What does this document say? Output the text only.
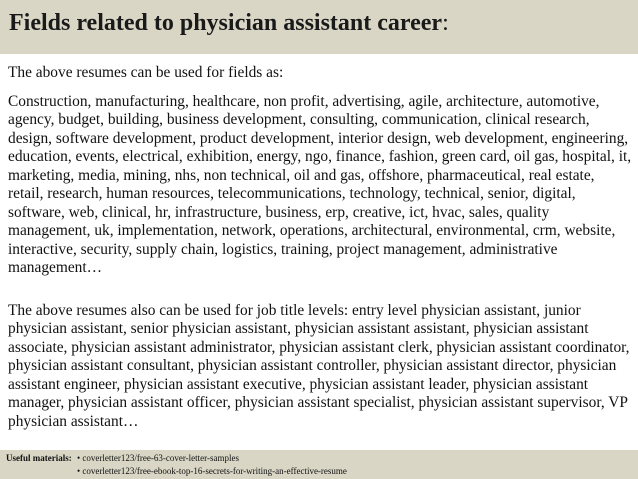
Fields related to physician assistant career:
The above resumes can be used for fields as:
Construction, manufacturing, healthcare, non profit, advertising, agile, architecture, automotive, agency, budget, building, business development, consulting, communication, clinical research, design, software development, product development, interior design, web development, engineering, education, events, electrical, exhibition, energy, ngo, finance, fashion, green card, oil gas, hospital, it, marketing, media, mining, nhs, non technical, oil and gas, offshore, pharmaceutical, real estate, retail, research, human resources, telecommunications, technology, technical, senior, digital, software, web, clinical, hr, infrastructure, business, erp, creative, ict, hvac, sales, quality management, uk, implementation, network, operations, architectural, environmental, crm, website, interactive, security, supply chain, logistics, training, project management, administrative management…
The above resumes also can be used for job title levels: entry level physician assistant, junior physician assistant, senior physician assistant, physician assistant assistant, physician assistant associate, physician assistant administrator, physician assistant clerk, physician assistant coordinator, physician assistant consultant, physician assistant controller, physician assistant director, physician assistant engineer, physician assistant executive, physician assistant leader, physician assistant manager, physician assistant officer, physician assistant specialist, physician assistant supervisor, VP physician assistant…
Useful materials: • coverletter123/free-63-cover-letter-samples
• coverletter123/free-ebook-top-16-secrets-for-writing-an-effective-resume
